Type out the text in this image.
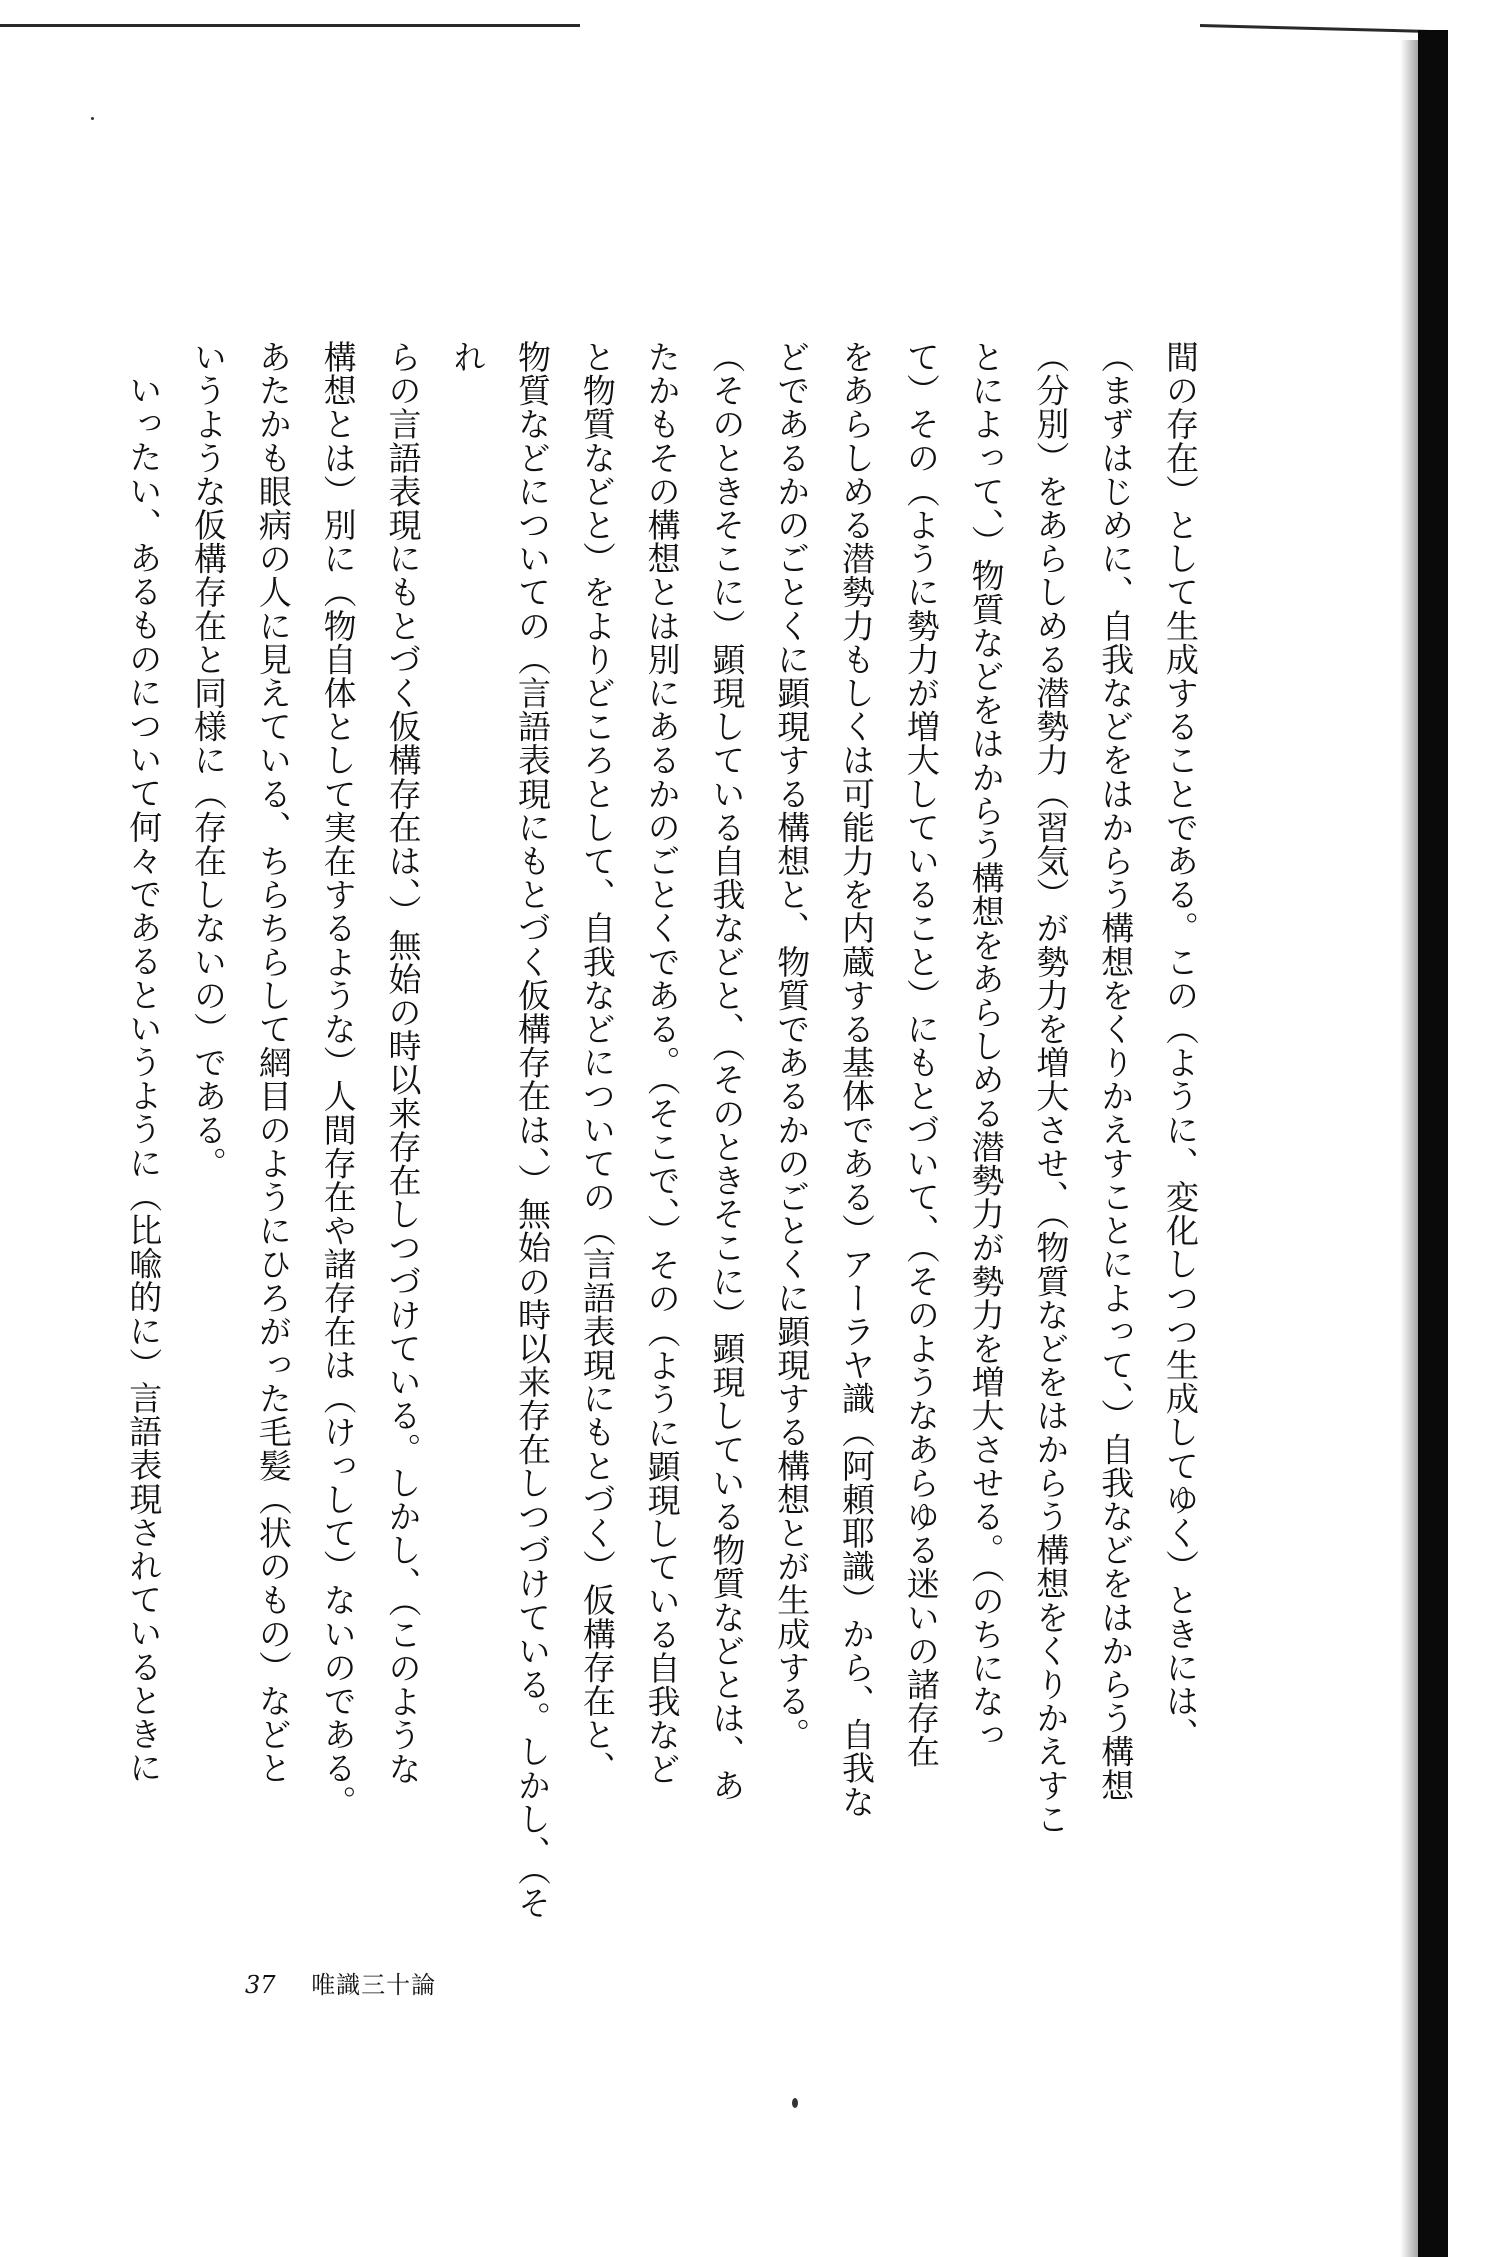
間の存在）として生成することである。この（ように、変化しつつ生成してゆく）ときには、

（まずはじめに、自我などをはからう構想をくりかえすことによって、）自我などをはからう構想

（分別）をあらしめる潜勢力（習気）が勢力を増大させ、（物質などをはからう構想をくりかえすこ

とによって、）物質などをはからう構想をあらしめる潜勢力が勢力を増大させる。（のちになっ

て）その（ように勢力が増大していること）にもとづいて、（そのようなあらゆる迷いの諸存在

をあらしめる潜勢力もしくは可能力を内蔵する基体である）アーラヤ識（阿頼耶識）から、自我な

どであるかのごとくに顕現する構想と、物質であるかのごとくに顕現する構想とが生成する。

（そのときそこに）顕現している自我などと、（そのときそこに）顕現している物質などとは、あ

たかもその構想とは別にあるかのごとくである。（そこで、）その（ように顕現している自我など

と物質などと）をよりどころとして、自我などについての（言語表現にもとづく）仮構存在と、

物質などについての（言語表現にもとづく仮構存在は、）無始の時以来存在しつづけている。しかし、（それ

らの言語表現にもとづく仮構存在は、）無始の時以来存在しつづけている。しかし、（このような

構想とは）別に（物自体として実在するような）人間存在や諸存在は（けっして）ないのである。

あたかも眼病の人に見えている、ちらちらして網目のようにひろがった毛髪（状のもの）などと

いうような仮構存在と同様に（存在しないの）である。

いったい、あるものについて何々であるというように（比喩的に）言語表現されているときに

37 唯識三十論
